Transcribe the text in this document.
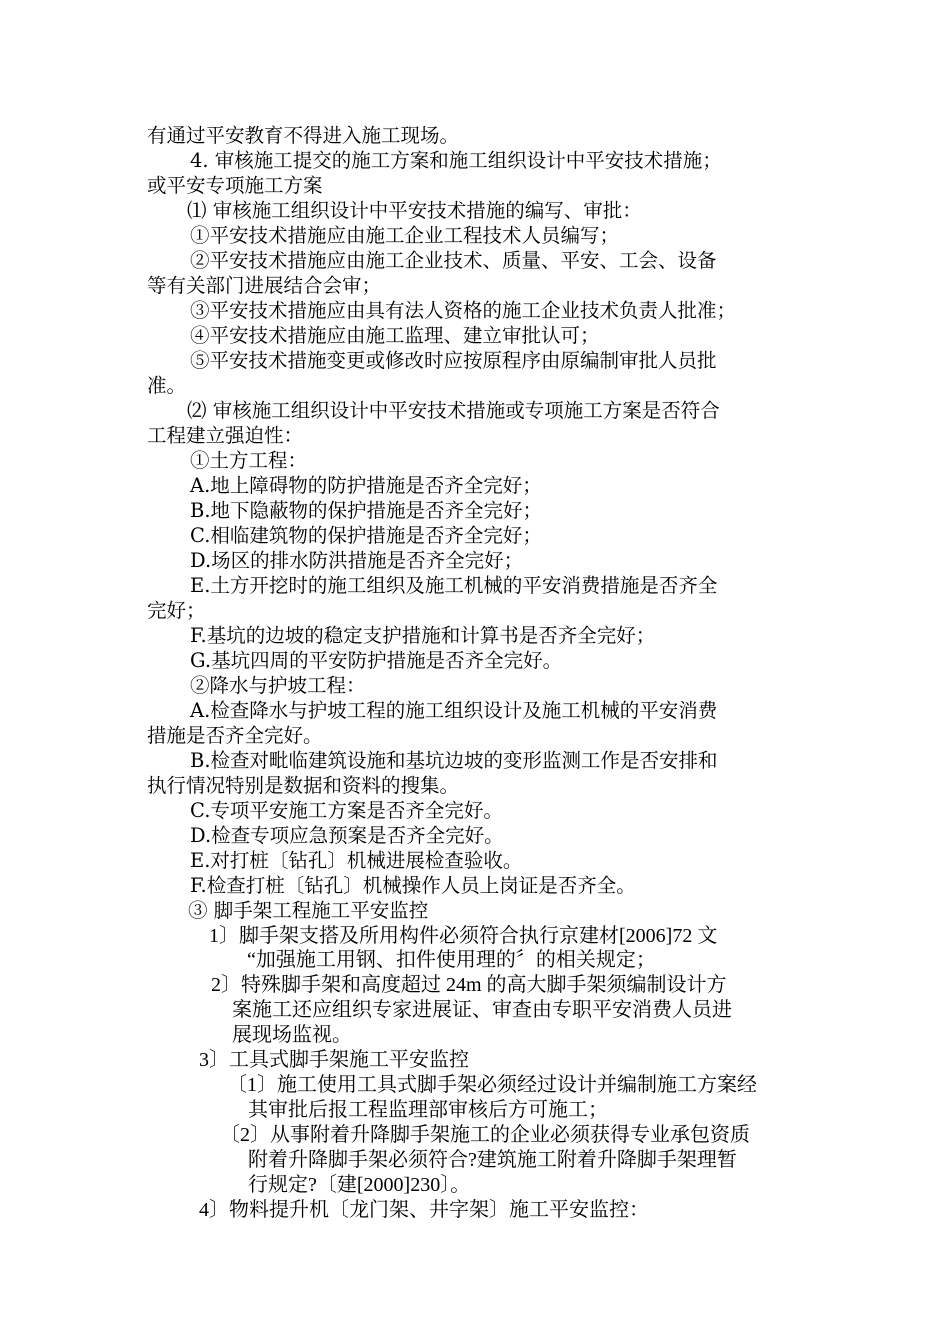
有通过平安教育不得进入施工现场。
4. 审核施工提交的施工方案和施工组织设计中平安技术措施；
或平安专项施工方案
⑴ 审核施工组织设计中平安技术措施的编写、审批：
①平安技术措施应由施工企业工程技术人员编写；
②平安技术措施应由施工企业技术、质量、平安、工会、设备
等有关部门进展结合会审；
③平安技术措施应由具有法人资格的施工企业技术负责人批准；
④平安技术措施应由施工监理、建立审批认可；
⑤平安技术措施变更或修改时应按原程序由原编制审批人员批
准。
⑵ 审核施工组织设计中平安技术措施或专项施工方案是否符合
工程建立强迫性：
①土方工程：
A.地上障碍物的防护措施是否齐全完好；
B.地下隐蔽物的保护措施是否齐全完好；
C.相临建筑物的保护措施是否齐全完好；
D.场区的排水防洪措施是否齐全完好；
E.土方开挖时的施工组织及施工机械的平安消费措施是否齐全
完好；
F.基坑的边坡的稳定支护措施和计算书是否齐全完好；
G.基坑四周的平安防护措施是否齐全完好。
②降水与护坡工程：
A.检查降水与护坡工程的施工组织设计及施工机械的平安消费
措施是否齐全完好。
B.检查对毗临建筑设施和基坑边坡的变形监测工作是否安排和
执行情况特别是数据和资料的搜集。
C.专项平安施工方案是否齐全完好。
D.检查专项应急预案是否齐全完好。
E.对打桩〔钻孔〕机械进展检查验收。
F.检查打桩〔钻孔〕机械操作人员上岗证是否齐全。
③ 脚手架工程施工平安监控
1〕脚手架支搭及所用构件必须符合执行京建材[2006]72 文
“加强施工用钢、扣件使用理的〞的相关规定；
2〕特殊脚手架和高度超过 24m 的高大脚手架须编制设计方
案施工还应组织专家进展证、审查由专职平安消费人员进
展现场监视。
3〕工具式脚手架施工平安监控
〔1〕施工使用工具式脚手架必须经过设计并编制施工方案经
其审批后报工程监理部审核后方可施工；
〔2〕从事附着升降脚手架施工的企业必须获得专业承包资质
附着升降脚手架必须符合?建筑施工附着升降脚手架理暂
行规定?〔建[2000]230〕。
4〕物料提升机〔龙门架、井字架〕施工平安监控：
